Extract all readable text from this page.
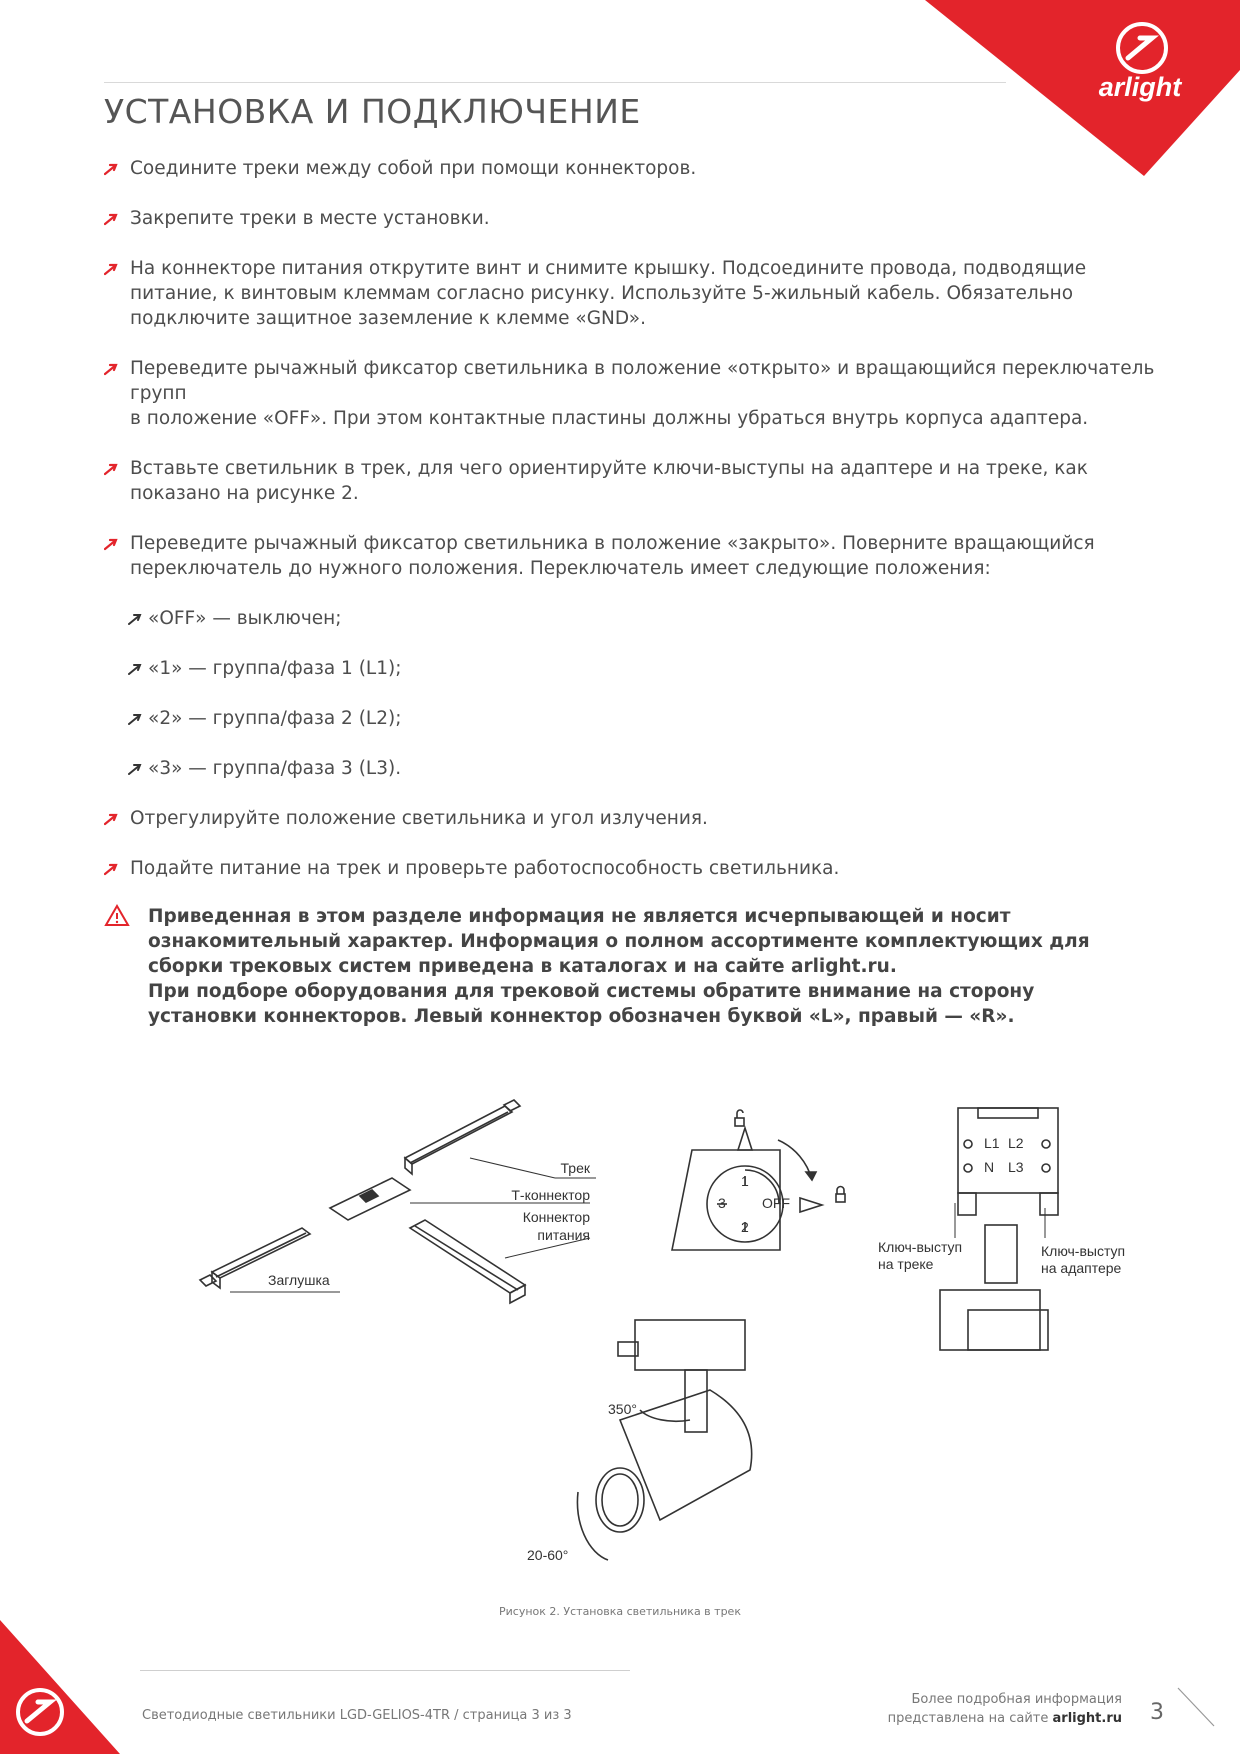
arlight
УСТАНОВКА И ПОДКЛЮЧЕНИЕ
Соедините треки между собой при помощи коннекторов.
Закрепите треки в месте установки.
На коннекторе питания открутите винт и снимите крышку. Подсоедините провода, подводящие питание, к винтовым клеммам согласно рисунку. Используйте 5-жильный кабель. Обязательно подключите защитное заземление к клемме «GND».
Переведите рычажный фиксатор светильника в положение «открыто» и вращающийся переключатель групп
в положение «OFF». При этом контактные пластины должны убраться внутрь корпуса адаптера.
Вставьте светильник в трек, для чего ориентируйте ключи-выступы на адаптере и на треке, как показано на рисунке 2.
Переведите рычажный фиксатор светильника в положение «закрыто». Поверните вращающийся переключатель до нужного положения. Переключатель имеет следующие положения:
«OFF» — выключен;
«1» — группа/фаза 1 (L1);
«2» — группа/фаза 2 (L2);
«3» — группа/фаза 3 (L3).
Отрегулируйте положение светильника и угол излучения.
Подайте питание на трек и проверьте работоспособность светильника.
Приведенная в этом разделе информация не является исчерпывающей и носит ознакомительный характер. Информация о полном ассортименте комплектующих для сборки трековых систем приведена в каталогах и на сайте arlight.ru.
При подборе оборудования для трековой системы обратите внимание на сторону установки коннекторов. Левый коннектор обозначен буквой «L», правый — «R».
Трек
Т-коннектор
Коннектор
питания
Заглушка
L1 L2
N L3
OFF
1
2
3
Ключ-выступ
на треке
Ключ-выступ
на адаптере
350°
20-60°
Рисунок 2. Установка светильника в трек
Светодиодные светильники LGD-GELIOS-4TR / страница 3 из 3
Более подробная информация
представлена на сайте arlight.ru 3
